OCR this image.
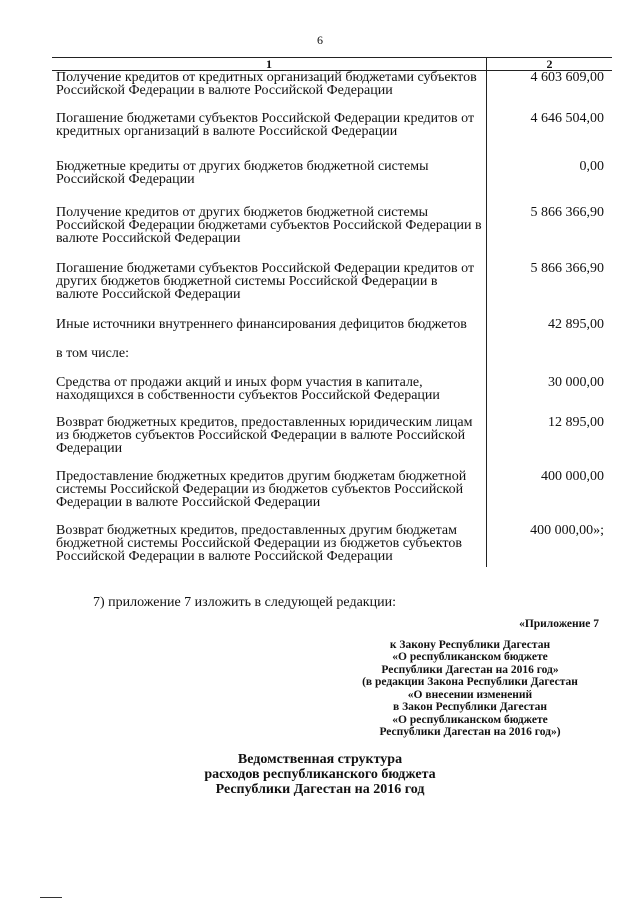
6
1	2
Получение кредитов от кредитных организаций бюджетами субъектов Российской Федерации в валюте Российской Федерации	4 603 609,00

Погашение бюджетами субъектов Российской Федерации кредитов от кредитных организаций в валюте Российской Федерации	4 646 504,00

Бюджетные кредиты от других бюджетов бюджетной системы Российской Федерации	0,00

Получение кредитов от других бюджетов бюджетной системы Российской Федерации бюджетами субъектов Российской Федерации в валюте Российской Федерации	5 866 366,90

Погашение бюджетами субъектов Российской Федерации кредитов от других бюджетов бюджетной системы Российской Федерации в валюте Российской Федерации	5 866 366,90

Иные источники внутреннего финансирования дефицитов бюджетов	42 895,00

в том числе:	

Средства от продажи акций и иных форм участия в капитале, находящихся в собственности субъектов Российской Федерации	30 000,00

Возврат бюджетных кредитов, предоставленных юридическим лицам из бюджетов субъектов Российской Федерации в валюте Российской Федерации	12 895,00

Предоставление бюджетных кредитов другим бюджетам бюджетной системы Российской Федерации из бюджетов субъектов Российской Федерации в валюте Российской Федерации	400 000,00

Возврат бюджетных кредитов, предоставленных другим бюджетам бюджетной системы Российской Федерации из бюджетов субъектов Российской Федерации в валюте Российской Федерации	400 000,00»;

7) приложение 7 изложить в следующей редакции:
«Приложение 7
к Закону Республики Дагестан
«О республиканском бюджете
Республики Дагестан на 2016 год»
(в редакции Закона Республики Дагестан
«О внесении изменений
в Закон Республики Дагестан
«О республиканском бюджете
Республики Дагестан на 2016 год»)
Ведомственная структура
расходов республиканского бюджета
Республики Дагестан на 2016 год
